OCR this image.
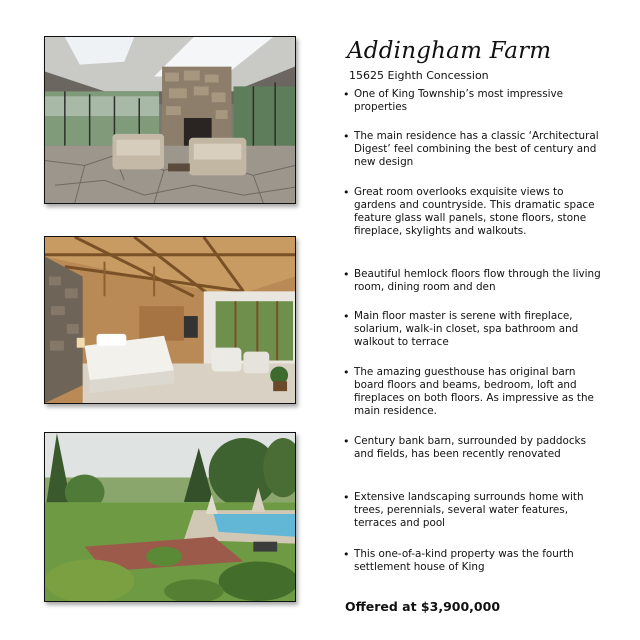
Addingham Farm
15625 Eighth Concession
• One of King Township’s most impressive properties
• The main residence has a classic ‘Architectural Digest’ feel combining the best of century and new design
• Great room overlooks exquisite views to gardens and countryside. This dramatic space feature glass wall panels, stone floors, stone fireplace, skylights and walkouts.
• Beautiful hemlock floors flow through the living room, dining room and den
• Main floor master is serene with fireplace, solarium, walk-in closet, spa bathroom and walkout to terrace
• The amazing guesthouse has original barn board floors and beams, bedroom, loft and fireplaces on both floors. As impressive as the main residence.
• Century bank barn, surrounded by paddocks and fields, has been recently renovated
• Extensive landscaping surrounds home with trees, perennials, several water features, terraces and pool
• This one-of-a-kind property was the fourth settlement house of King
Offered at $3,900,000
